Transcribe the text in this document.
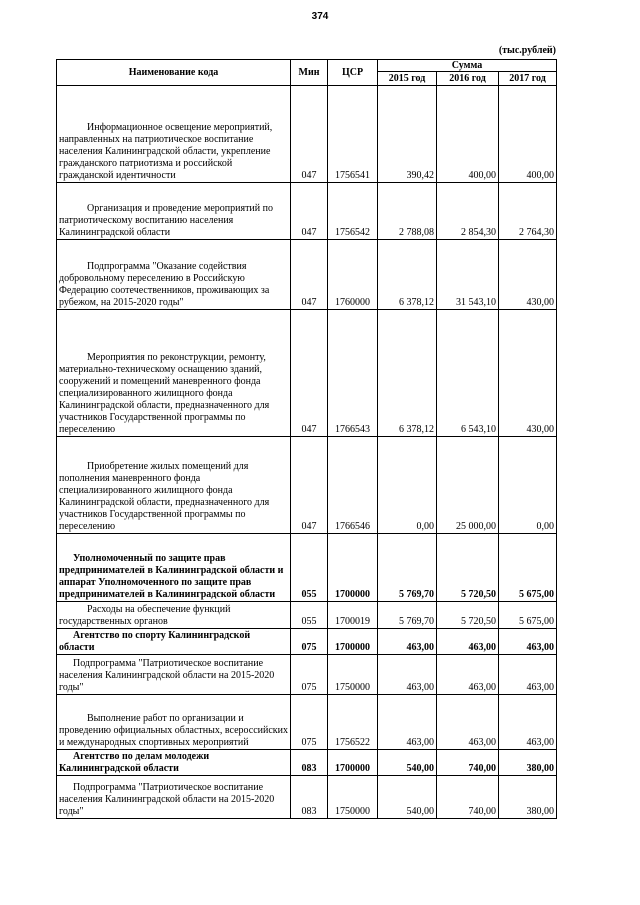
374
(тыс.рублей)
Наименование кода	Мин	ЦСР	Сумма		
			2015 год	2016 год	2017 год
Информационное освещение мероприятий, направленных на патриотическое воспитание населения Калининградской области, укрепление гражданского патриотизма и российской гражданской идентичности	047	1756541	390,42	400,00	400,00
Организация и проведение мероприятий по патриотическому воспитанию населения Калининградской области	047	1756542	2 788,08	2 854,30	2 764,30
Подпрограмма "Оказание содействия добровольному переселению в Российскую Федерацию соотечественников, проживающих за рубежом, на 2015-2020 годы"	047	1760000	6 378,12	31 543,10	430,00
Мероприятия по реконструкции, ремонту, материально-техническому оснащению зданий, сооружений и помещений маневренного фонда специализированного жилищного фонда Калининградской области, предназначенного для участников Государственной программы по переселению	047	1766543	6 378,12	6 543,10	430,00
Приобретение жилых помещений для пополнения маневренного фонда специализированного жилищного фонда Калининградской области, предназначенного для участников Государственной программы по переселению	047	1766546	0,00	25 000,00	0,00
Уполномоченный по защите прав предпринимателей в Калининградской области и аппарат Уполномоченного по защите прав предпринимателей в Калининградской области	055	1700000	5 769,70	5 720,50	5 675,00
Расходы на обеспечение функций государственных органов	055	1700019	5 769,70	5 720,50	5 675,00
Агентство по спорту Калининградской области	075	1700000	463,00	463,00	463,00
Подпрограмма "Патриотическое воспитание населения Калининградской области на 2015-2020 годы"	075	1750000	463,00	463,00	463,00
Выполнение работ по организации и проведению официальных областных, всероссийских и международных спортивных мероприятий	075	1756522	463,00	463,00	463,00
Агентство по делам молодежи Калининградской области	083	1700000	540,00	740,00	380,00
Подпрограмма "Патриотическое воспитание населения Калининградской области на 2015-2020 годы"	083	1750000	540,00	740,00	380,00
